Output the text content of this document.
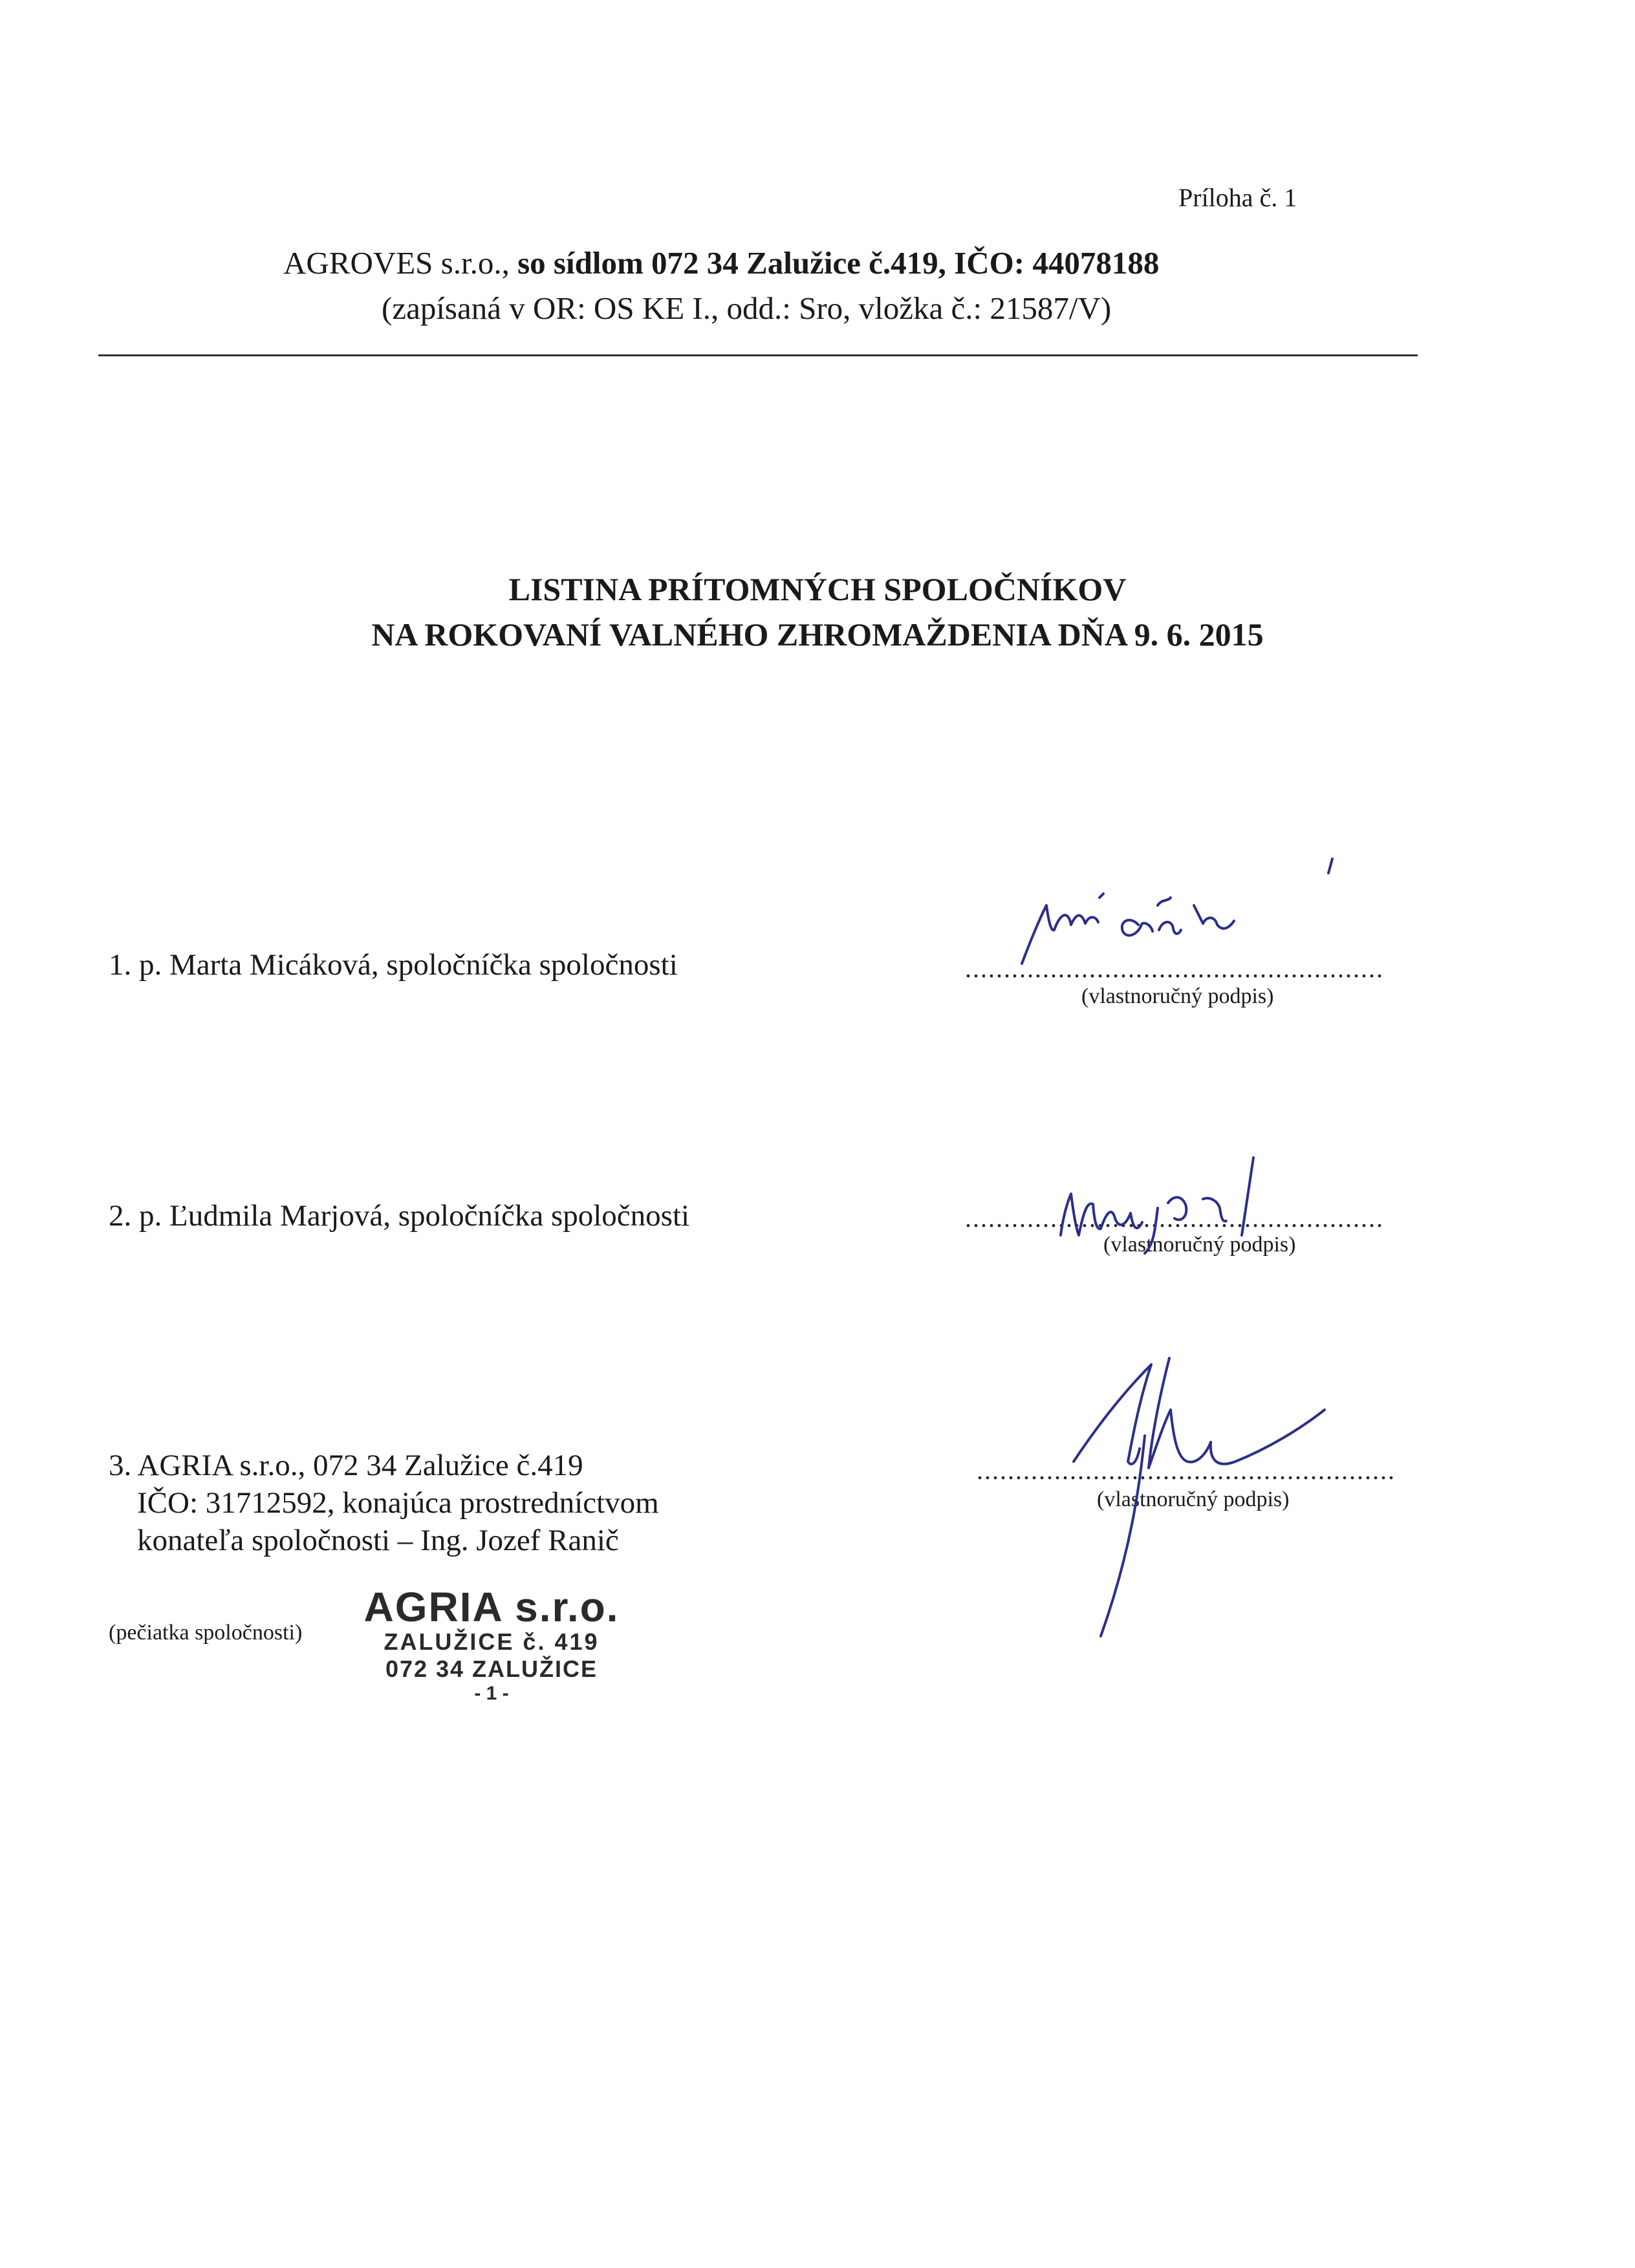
Príloha č. 1
AGROVES s.r.o., so sídlom 072 34 Zalužice č.419, IČO: 44078188
(zapísaná v OR: OS KE I., odd.: Sro, vložka č.: 21587/V)
LISTINA PRÍTOMNÝCH SPOLOČNÍKOV
NA ROKOVANÍ VALNÉHO ZHROMAŽDENIA DŇA 9. 6. 2015
1. p. Marta Micáková, spoločníčka spoločnosti	......................................................
(vlastnoručný podpis)
2. p. Ľudmila Marjová, spoločníčka spoločnosti	......................................................
(vlastnoručný podpis)
3. AGRIA s.r.o., 072 34 Zalužice č.419
IČO: 31712592, konajúca prostredníctvom
konateľa spoločnosti – Ing. Jozef Ranič
......................................................
(vlastnoručný podpis)
(pečiatka spoločnosti)
AGRIA s.r.o.
ZALUŽICE č. 419
072 34 ZALUŽICE
- 1 -
